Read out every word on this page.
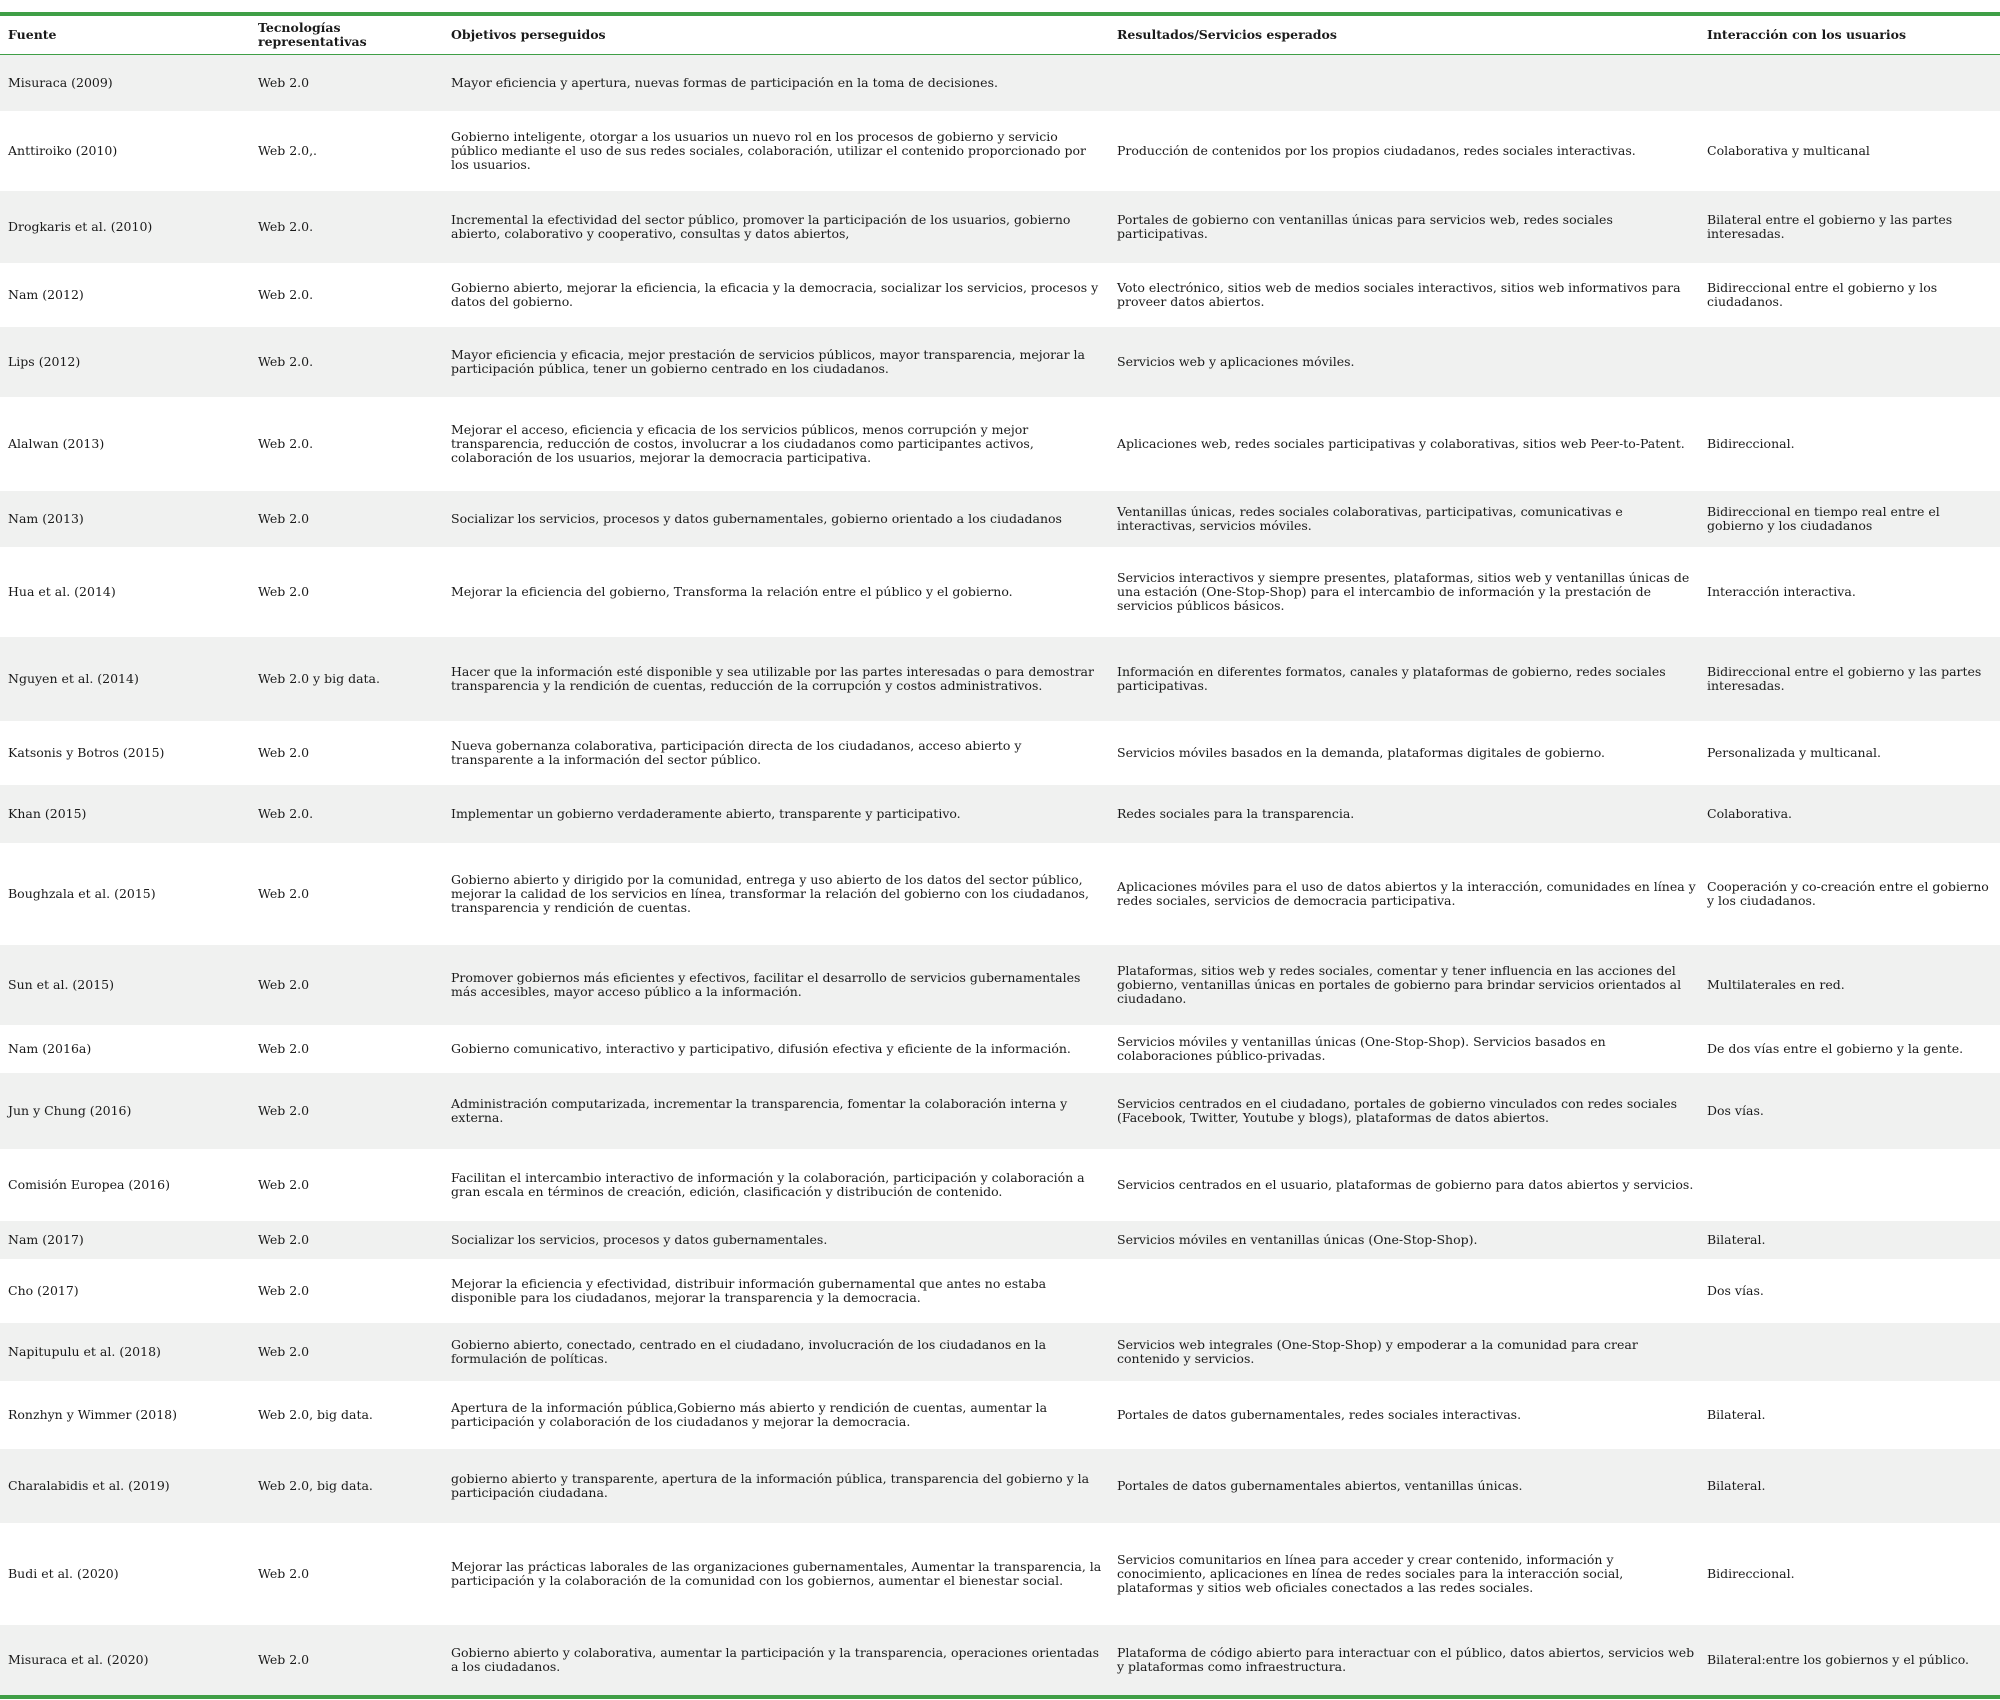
Fuente	Tecnologías representativas	Objetivos perseguidos	Resultados/Servicios esperados	Interacción con los usuarios
Misuraca (2009)	Web 2.0	Mayor eficiencia y apertura, nuevas formas de participación en la toma de decisiones.		
Anttiroiko (2010)	Web 2.0,.	Gobierno inteligente, otorgar a los usuarios un nuevo rol en los procesos de gobierno y servicio público mediante el uso de sus redes sociales, colaboración, utilizar el contenido proporcionado por los usuarios.	Producción de contenidos por los propios ciudadanos, redes sociales interactivas.	Colaborativa y multicanal
Drogkaris et al. (2010)	Web 2.0.	Incremental la efectividad del sector público, promover la participación de los usuarios, gobierno abierto, colaborativo y cooperativo, consultas y datos abiertos,	Portales de gobierno con ventanillas únicas para servicios web, redes sociales participativas.	Bilateral entre el gobierno y las partes interesadas.
Nam (2012)	Web 2.0.	Gobierno abierto, mejorar la eficiencia, la eficacia y la democracia, socializar los servicios, procesos y datos del gobierno.	Voto electrónico, sitios web de medios sociales interactivos, sitios web informativos para proveer datos abiertos.	Bidireccional entre el gobierno y los ciudadanos.
Lips (2012)	Web 2.0.	Mayor eficiencia y eficacia, mejor prestación de servicios públicos, mayor transparencia, mejorar la participación pública, tener un gobierno centrado en los ciudadanos.	Servicios web y aplicaciones móviles.	
Alalwan (2013)	Web 2.0.	Mejorar el acceso, eficiencia y eficacia de los servicios públicos, menos corrupción y mejor transparencia, reducción de costos, involucrar a los ciudadanos como participantes activos, colaboración de los usuarios, mejorar la democracia participativa.	Aplicaciones web, redes sociales participativas y colaborativas, sitios web Peer-to-Patent.	Bidireccional.
Nam (2013)	Web 2.0	Socializar los servicios, procesos y datos gubernamentales, gobierno orientado a los ciudadanos	Ventanillas únicas, redes sociales colaborativas, participativas, comunicativas e interactivas, servicios móviles.	Bidireccional en tiempo real entre el gobierno y los ciudadanos
Hua et al. (2014)	Web 2.0	Mejorar la eficiencia del gobierno, Transforma la relación entre el público y el gobierno.	Servicios interactivos y siempre presentes, plataformas, sitios web y ventanillas únicas de una estación (One-Stop-Shop) para el intercambio de información y la prestación de servicios públicos básicos.	Interacción interactiva.
Nguyen et al. (2014)	Web 2.0 y big data.	Hacer que la información esté disponible y sea utilizable por las partes interesadas o para demostrar transparencia y la rendición de cuentas, reducción de la corrupción y costos administrativos.	Información en diferentes formatos, canales y plataformas de gobierno, redes sociales participativas.	Bidireccional entre el gobierno y las partes interesadas.
Katsonis y Botros (2015)	Web 2.0	Nueva gobernanza colaborativa, participación directa de los ciudadanos, acceso abierto y transparente a la información del sector público.	Servicios móviles basados en la demanda, plataformas digitales de gobierno.	Personalizada y multicanal.
Khan (2015)	Web 2.0.	Implementar un gobierno verdaderamente abierto, transparente y participativo.	Redes sociales para la transparencia.	Colaborativa.
Boughzala et al. (2015)	Web 2.0	Gobierno abierto y dirigido por la comunidad, entrega y uso abierto de los datos del sector público, mejorar la calidad de los servicios en línea, transformar la relación del gobierno con los ciudadanos, transparencia y rendición de cuentas.	Aplicaciones móviles para el uso de datos abiertos y la interacción, comunidades en línea y redes sociales, servicios de democracia participativa.	Cooperación y co-creación entre el gobierno y los ciudadanos.
Sun et al. (2015)	Web 2.0	Promover gobiernos más eficientes y efectivos, facilitar el desarrollo de servicios gubernamentales más accesibles, mayor acceso público a la información.	Plataformas, sitios web y redes sociales, comentar y tener influencia en las acciones del gobierno, ventanillas únicas en portales de gobierno para brindar servicios orientados al ciudadano.	Multilaterales en red.
Nam (2016a)	Web 2.0	Gobierno comunicativo, interactivo y participativo, difusión efectiva y eficiente de la información.	Servicios móviles y ventanillas únicas (One-Stop-Shop). Servicios basados en colaboraciones público-privadas.	De dos vías entre el gobierno y la gente.
Jun y Chung (2016)	Web 2.0	Administración computarizada, incrementar la transparencia, fomentar la colaboración interna y externa.	Servicios centrados en el ciudadano, portales de gobierno vinculados con redes sociales (Facebook, Twitter, Youtube y blogs), plataformas de datos abiertos.	Dos vías.
Comisión Europea (2016)	Web 2.0	Facilitan el intercambio interactivo de información y la colaboración, participación y colaboración a gran escala en términos de creación, edición, clasificación y distribución de contenido.	Servicios centrados en el usuario, plataformas de gobierno para datos abiertos y servicios.	
Nam (2017)	Web 2.0	Socializar los servicios, procesos y datos gubernamentales.	Servicios móviles en ventanillas únicas (One-Stop-Shop).	Bilateral.
Cho (2017)	Web 2.0	Mejorar la eficiencia y efectividad, distribuir información gubernamental que antes no estaba disponible para los ciudadanos, mejorar la transparencia y la democracia.		Dos vías.
Napitupulu et al. (2018)	Web 2.0	Gobierno abierto, conectado, centrado en el ciudadano, involucración de los ciudadanos en la formulación de políticas.	Servicios web integrales (One-Stop-Shop) y empoderar a la comunidad para crear contenido y servicios.	
Ronzhyn y Wimmer (2018)	Web 2.0, big data.	Apertura de la información pública,Gobierno más abierto y rendición de cuentas, aumentar la participación y colaboración de los ciudadanos y mejorar la democracia.	Portales de datos gubernamentales, redes sociales interactivas.	Bilateral.
Charalabidis et al. (2019)	Web 2.0, big data.	gobierno abierto y transparente, apertura de la información pública, transparencia del gobierno y la participación ciudadana.	Portales de datos gubernamentales abiertos, ventanillas únicas.	Bilateral.
Budi et al. (2020)	Web 2.0	Mejorar las prácticas laborales de las organizaciones gubernamentales, Aumentar la transparencia, la participación y la colaboración de la comunidad con los gobiernos, aumentar el bienestar social.	Servicios comunitarios en línea para acceder y crear contenido, información y conocimiento, aplicaciones en línea de redes sociales para la interacción social, plataformas y sitios web oficiales conectados a las redes sociales.	Bidireccional.
Misuraca et al. (2020)	Web 2.0	Gobierno abierto y colaborativa, aumentar la participación y la transparencia, operaciones orientadas a los ciudadanos.	Plataforma de código abierto para interactuar con el público, datos abiertos, servicios web y plataformas como infraestructura.	Bilateral:entre los gobiernos y el público.
